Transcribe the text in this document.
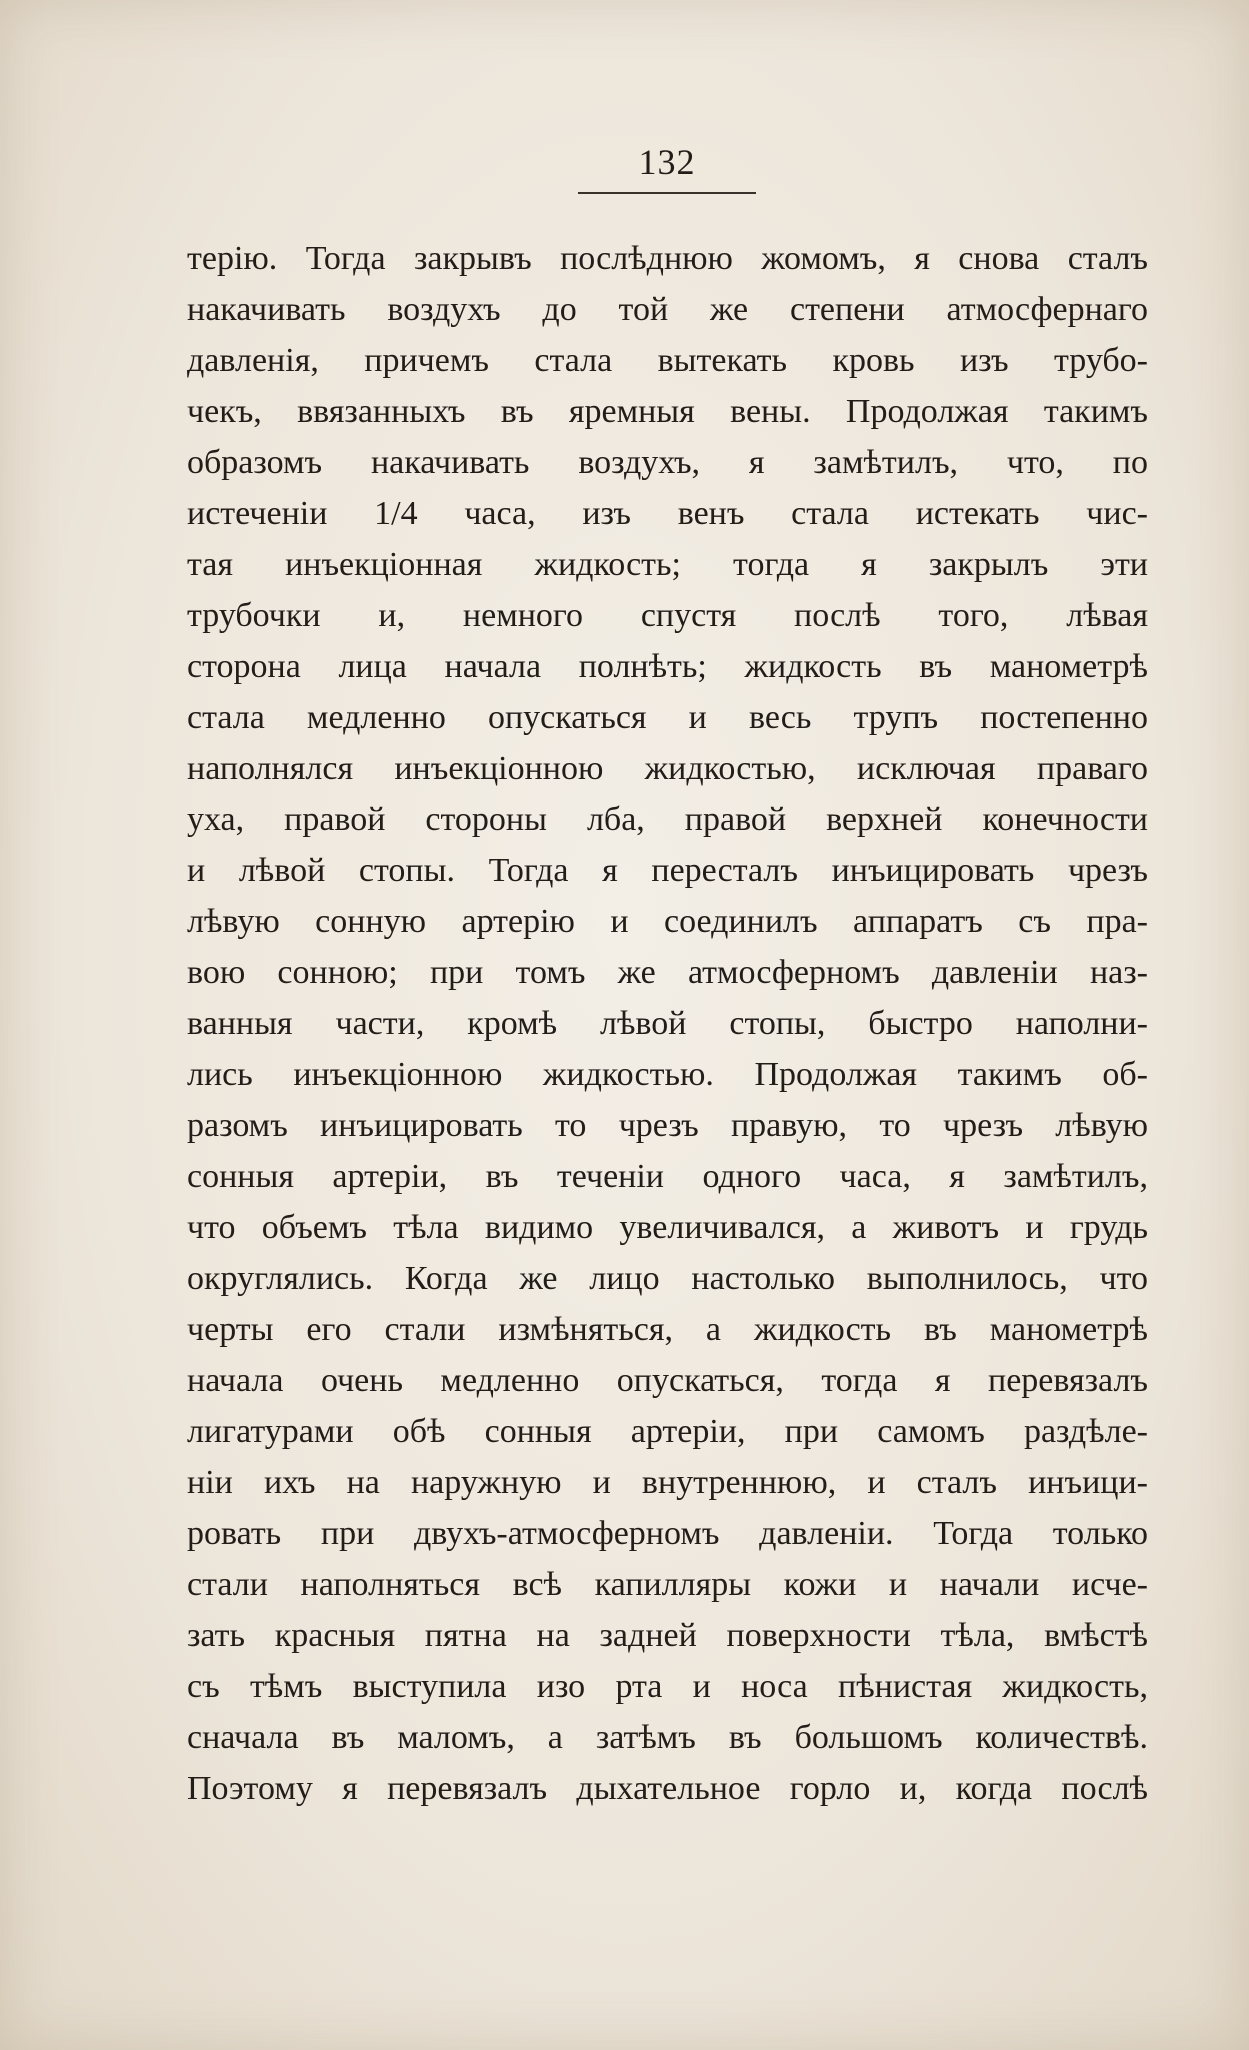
132
терію. Тогда закрывъ послѣднюю жомомъ, я снова сталъ
накачивать воздухъ до той же степени атмосфернаго
давленія, причемъ стала вытекать кровь изъ трубо-
чекъ, ввязанныхъ въ яремныя вены. Продолжая такимъ
образомъ накачивать воздухъ, я замѣтилъ, что, по
истеченіи 1/4 часа, изъ венъ стала истекать чис-
тая инъекціонная жидкость; тогда я закрылъ эти
трубочки и, немного спустя послѣ того, лѣвая
сторона лица начала полнѣть; жидкость въ манометрѣ
стала медленно опускаться и весь трупъ постепенно
наполнялся инъекціонною жидкостью, исключая праваго
уха, правой стороны лба, правой верхней конечности
и лѣвой стопы. Тогда я пересталъ инъицировать чрезъ
лѣвую сонную артерію и соединилъ аппаратъ съ пра-
вою сонною; при томъ же атмосферномъ давленіи наз-
ванныя части, кромѣ лѣвой стопы, быстро наполни-
лись инъекціонною жидкостью. Продолжая такимъ об-
разомъ инъицировать то чрезъ правую, то чрезъ лѣвую
сонныя артеріи, въ теченіи одного часа, я замѣтилъ,
что объемъ тѣла видимо увеличивался, а животъ и грудь
округлялись. Когда же лицо настолько выполнилось, что
черты его стали измѣняться, а жидкость въ манометрѣ
начала очень медленно опускаться, тогда я перевязалъ
лигатурами обѣ сонныя артеріи, при самомъ раздѣле-
ніи ихъ на наружную и внутреннюю, и сталъ инъици-
ровать при двухъ-атмосферномъ давленіи. Тогда только
стали наполняться всѣ капилляры кожи и начали исче-
зать красныя пятна на задней поверхности тѣла, вмѣстѣ
съ тѣмъ выступила изо рта и носа пѣнистая жидкость,
сначала въ маломъ, а затѣмъ въ большомъ количествѣ.
Поэтому я перевязалъ дыхательное горло и, когда послѣ
